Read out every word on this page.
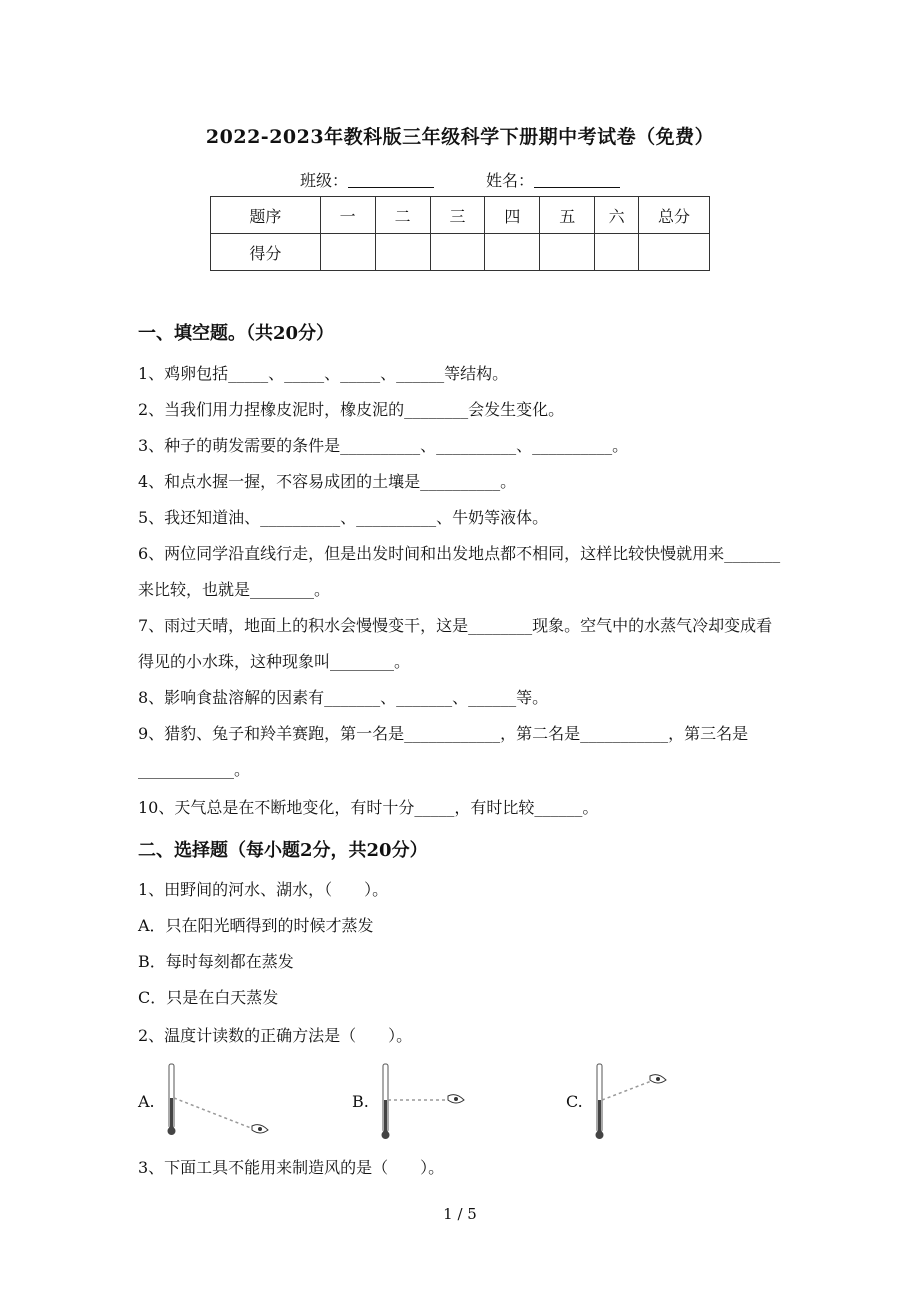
2022-2023年教科版三年级科学下册期中考试卷（免费）
班级：	姓名：
题序	一	二	三	四	五	六	总分
得分							
一、填空题。（共20分）
1、鸡卵包括_____、_____、_____、______等结构。
2、当我们用力捏橡皮泥时，橡皮泥的________会发生变化。
3、种子的萌发需要的条件是__________、__________、__________。
4、和点水握一握，不容易成团的土壤是__________。
5、我还知道油、__________、__________、牛奶等液体。
6、两位同学沿直线行走，但是出发时间和出发地点都不相同，这样比较快慢就用来_______来比较，也就是________。
7、雨过天晴，地面上的积水会慢慢变干，这是________现象。空气中的水蒸气冷却变成看得见的小水珠，这种现象叫________。
8、影响食盐溶解的因素有_______、_______、______等。
9、猎豹、兔子和羚羊赛跑，第一名是____________，第二名是___________，第三名是____________。
10、天气总是在不断地变化，有时十分_____，有时比较______。
二、选择题（每小题2分，共20分）
1、田野间的河水、湖水，（　　）。
A．只在阳光晒得到的时候才蒸发
B．每时每刻都在蒸发
C．只是在白天蒸发
2、温度计读数的正确方法是（　　）。
A.	B.	C.
3、下面工具不能用来制造风的是（　　）。
1 / 5
